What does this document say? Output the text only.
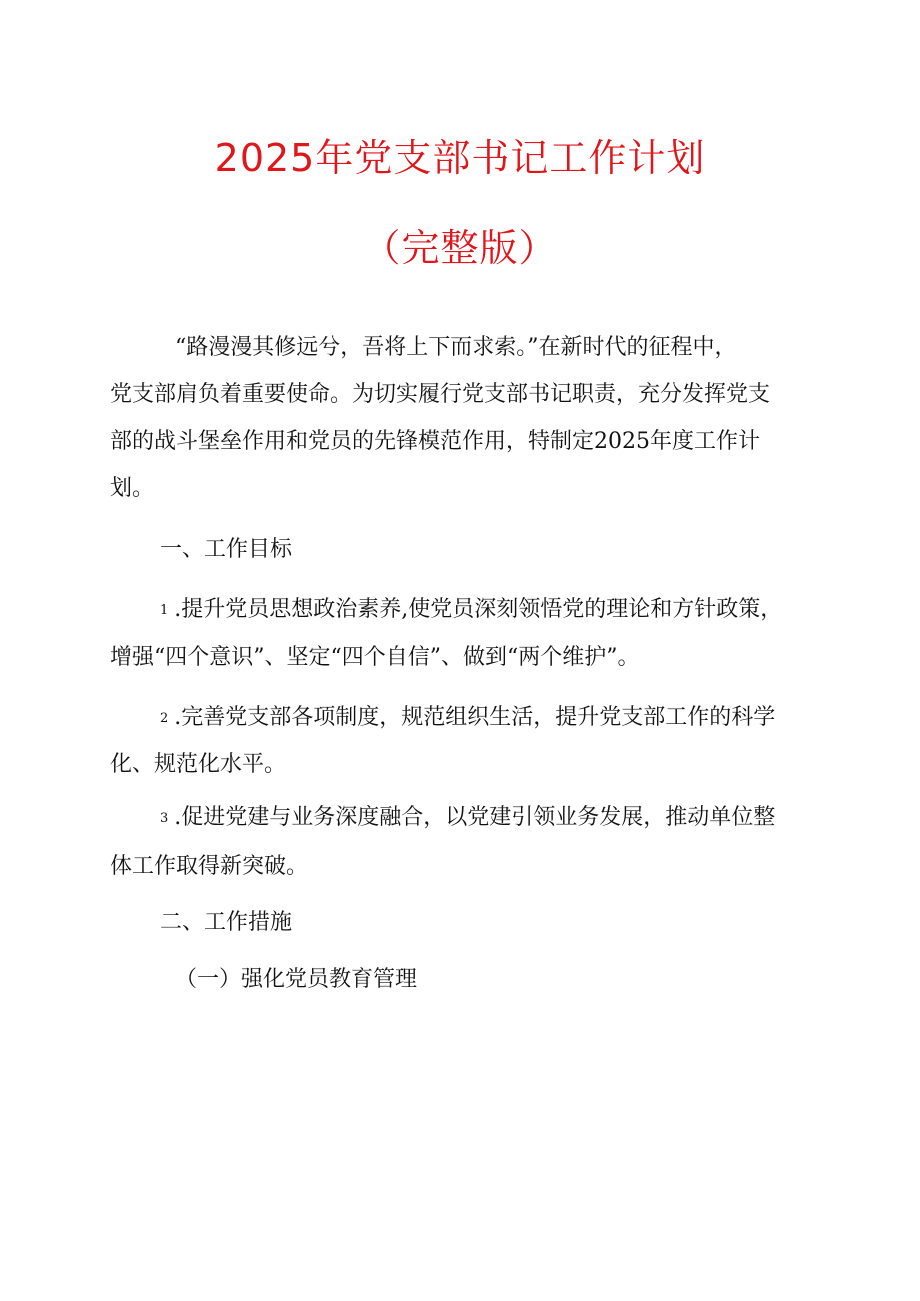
2025年党支部书记工作计划
（完整版）
“路漫漫其修远兮，吾将上下而求索。”在新时代的征程中，
党支部肩负着重要使命。为切实履行党支部书记职责，充分发挥党支
部的战斗堡垒作用和党员的先锋模范作用，特制定2025年度工作计
划。
一、工作目标
1 .提升党员思想政治素养,使党员深刻领悟党的理论和方针政策，
增强“四个意识”、坚定“四个自信”、做到“两个维护”。
2 .完善党支部各项制度，规范组织生活，提升党支部工作的科学
化、规范化水平。
3 .促进党建与业务深度融合，以党建引领业务发展，推动单位整
体工作取得新突破。
二、工作措施
（一）强化党员教育管理
